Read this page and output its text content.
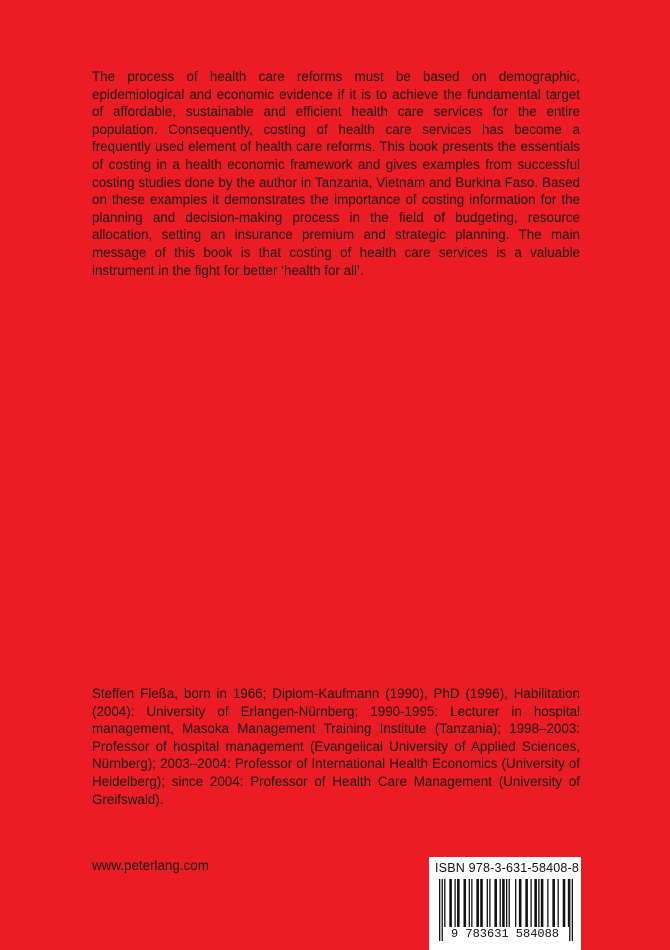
The process of health care reforms must be based on demographic, epidemiological and economic evidence if it is to achieve the fundamental target of affordable, sustainable and efficient health care services for the entire population. Consequently, costing of health care services has become a frequently used element of health care reforms. This book presents the essentials of costing in a health economic framework and gives examples from successful costing studies done by the author in Tanzania, Vietnam and Burkina Faso. Based on these examples it demonstrates the importance of costing information for the planning and decision-making process in the field of budgeting, resource allocation, setting an insurance premium and strategic planning. The main message of this book is that costing of health care services is a valuable instrument in the fight for better ‘health for all’.

Steffen Fleßa, born in 1966; Diplom-Kaufmann (1990), PhD (1996), Habilitation (2004): University of Erlangen-Nürnberg; 1990-1995: Lecturer in hospital management, Masoka Management Training Institute (Tanzania); 1998–2003: Professor of hospital management (Evangelical University of Applied Sciences, Nürnberg); 2003–2004: Professor of International Health Economics (University of Heidelberg); since 2004: Professor of Health Care Management (University of Greifswald).

www.peterlang.com	ISBN 978-3-631-58408-8
9 783631 584088
